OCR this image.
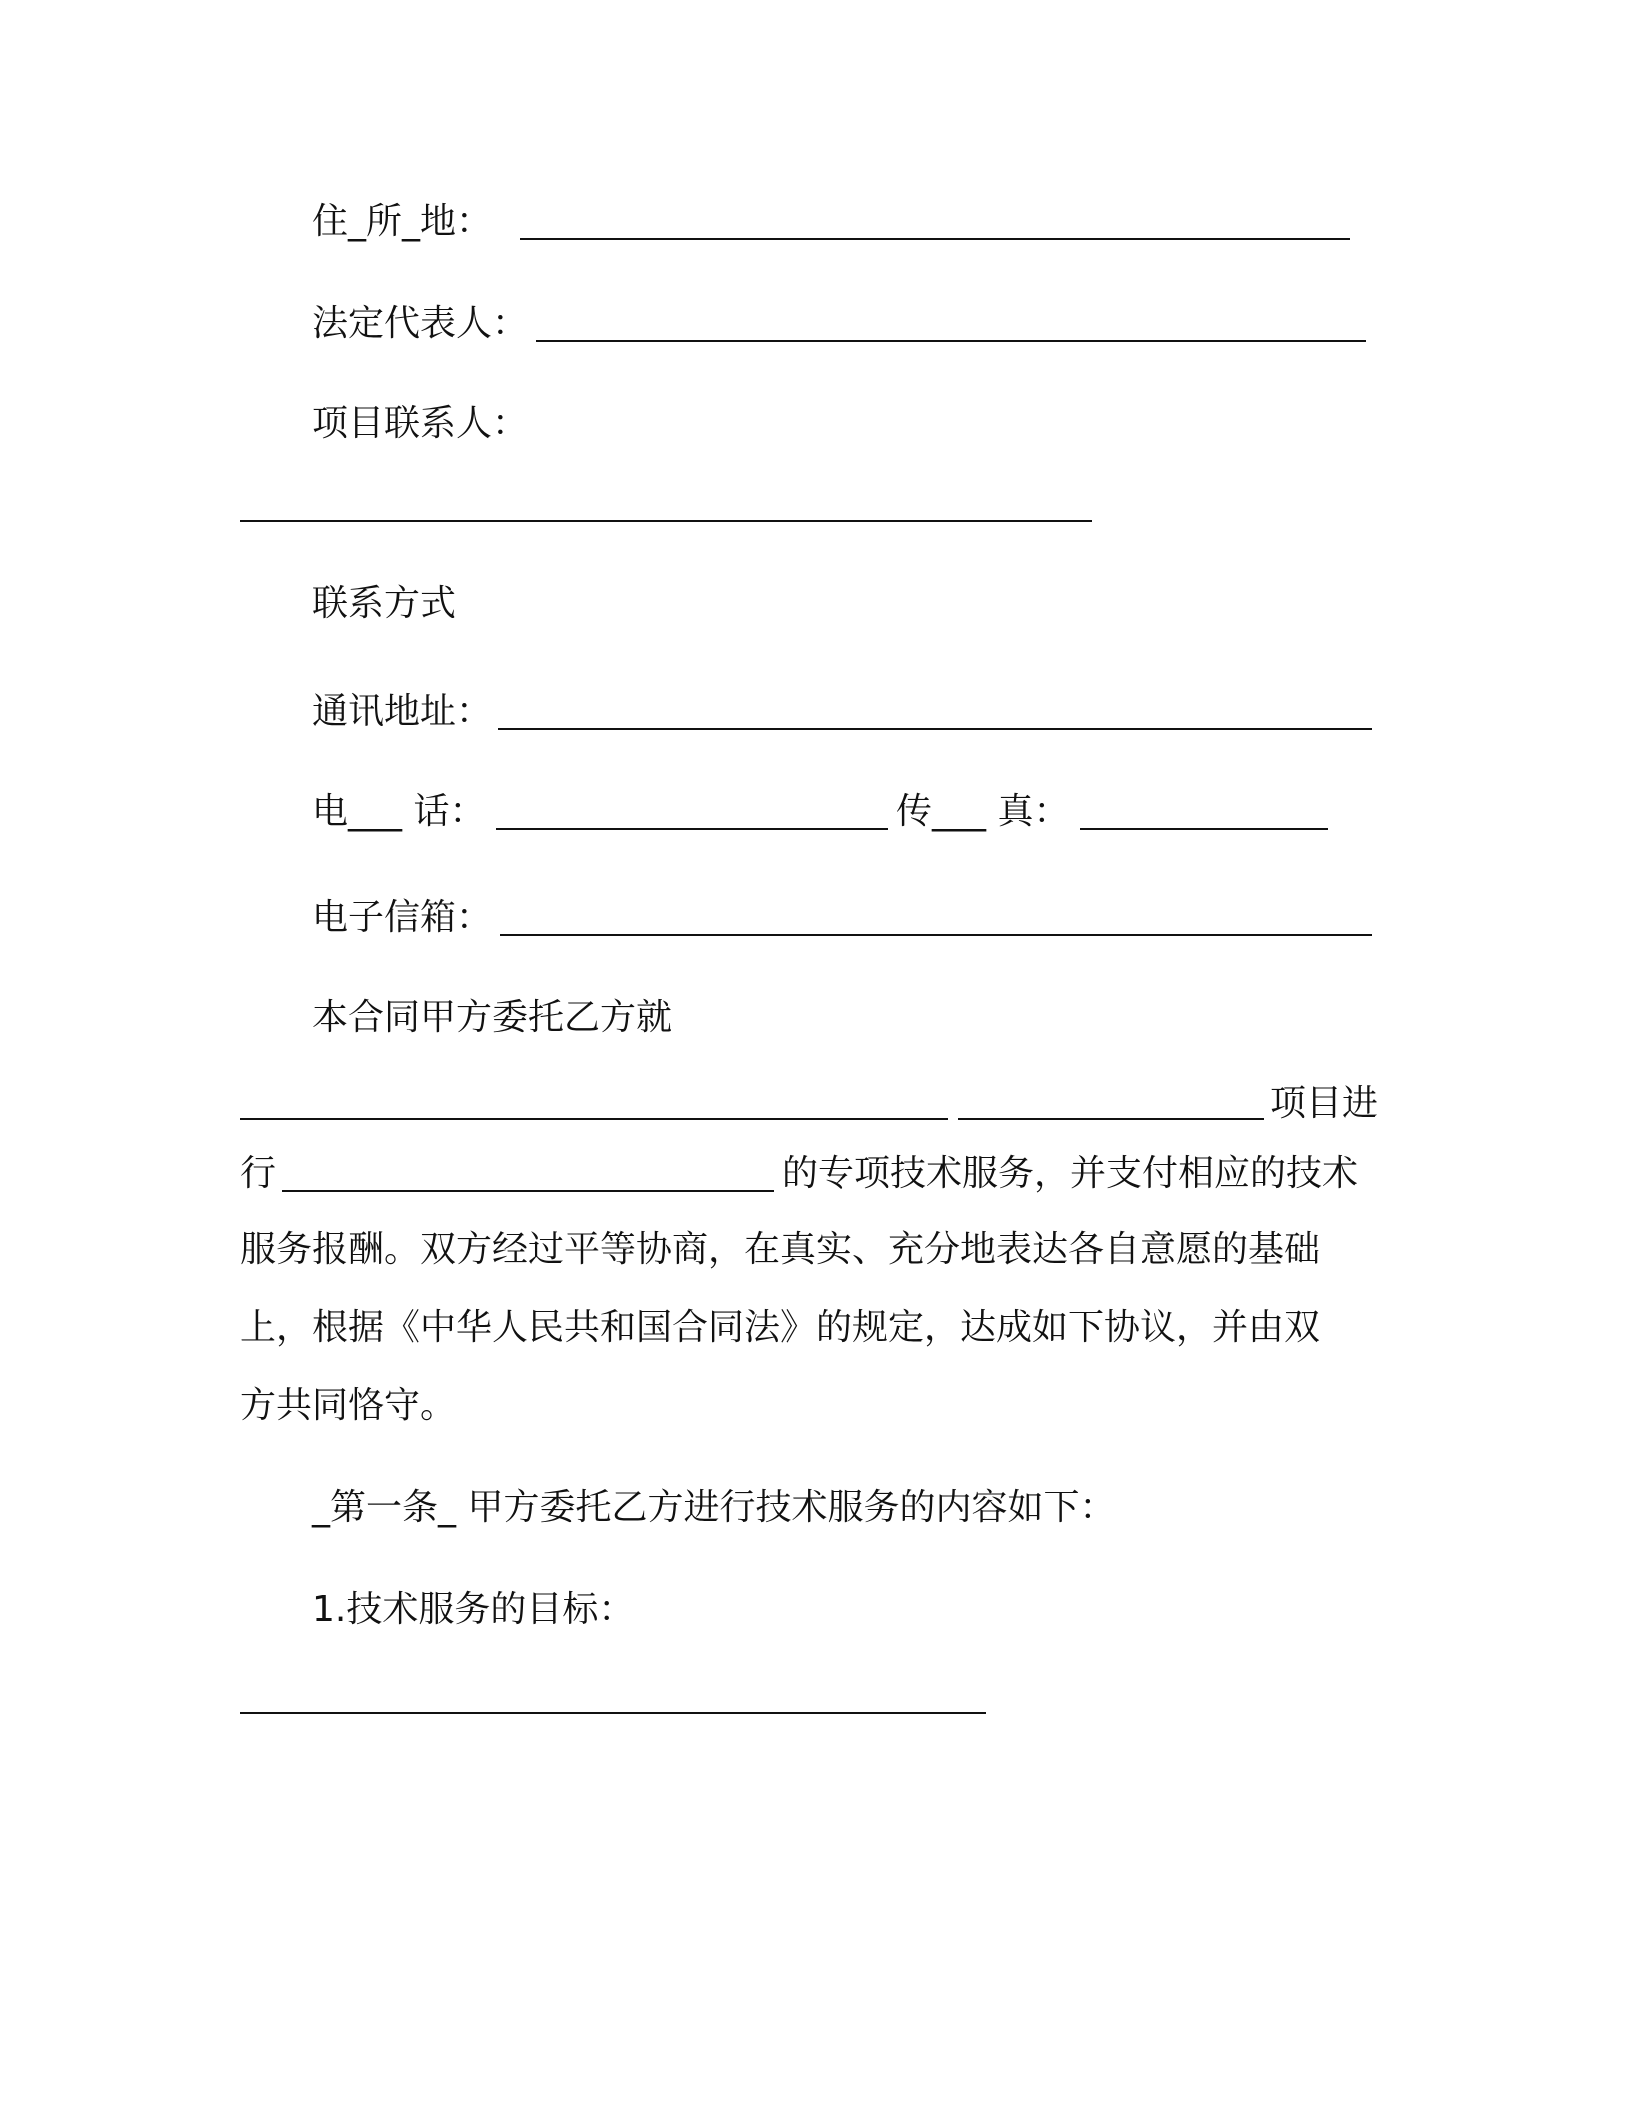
住_所_地：
法定代表人：
项目联系人：
联系方式
通讯地址：
电___ 话：	传___ 真：
电子信箱：
本合同甲方委托乙方就
项目进
行	的专项技术服务，并支付相应的技术
服务报酬。双方经过平等协商，在真实、充分地表达各自意愿的基础
上，根据《中华人民共和国合同法》的规定，达成如下协议，并由双
方共同恪守。
_第一条_ 甲方委托乙方进行技术服务的内容如下：
1.技术服务的目标：
